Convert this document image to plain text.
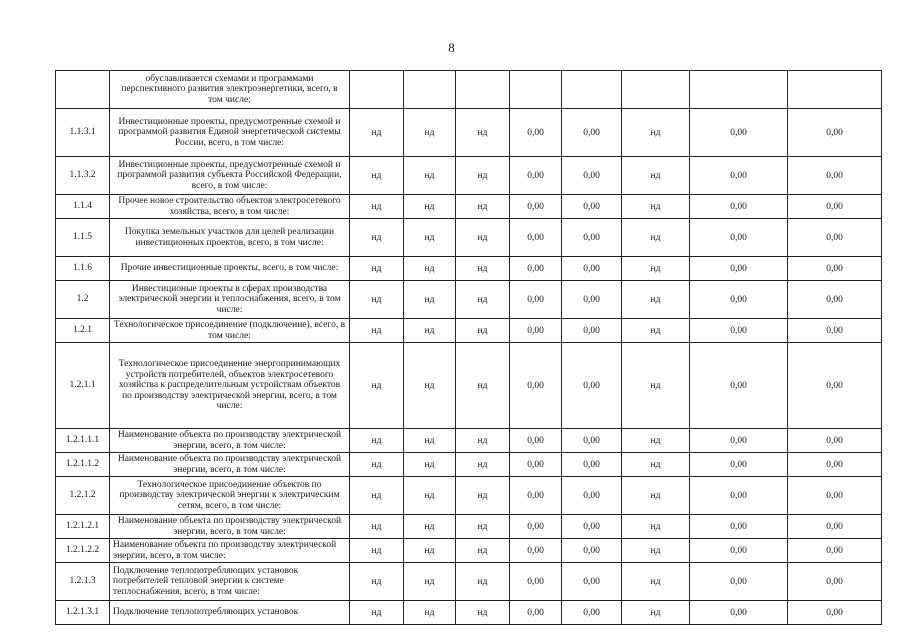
8
	обуславливается схемами и программами перспективного развития электроэнергетики, всего, в том числе:								
1.1.3.1	Инвестиционные проекты, предусмотренные схемой и программой развития Единой энергетической системы России, всего, в том числе:	нд	нд	нд	0,00	0,00	нд	0,00	0,00
1.1.3.2	Инвестиционные проекты, предусмотренные схемой и программой развития субъекта Российской Федерации, всего, в том числе:	нд	нд	нд	0,00	0,00	нд	0,00	0,00
1.1.4	Прочее новое строительство объектов электросетевого хозяйства, всего, в том числе:	нд	нд	нд	0,00	0,00	нд	0,00	0,00
1.1.5	Покупка земельных участков для целей реализации инвестиционных проектов, всего, в том числе:	нд	нд	нд	0,00	0,00	нд	0,00	0,00
1.1.6	Прочие инвестиционные проекты, всего, в том числе:	нд	нд	нд	0,00	0,00	нд	0,00	0,00
1.2	Инвестиционые проекты в сферах производства электрической энергии и теплоснабжения, всего, в том числе:	нд	нд	нд	0,00	0,00	нд	0,00	0,00
1.2.1	Технологическое присоединение (подключение), всего, в том числе:	нд	нд	нд	0,00	0,00	нд	0,00	0,00
1.2.1.1	Технологическое присоединение энергопринимающих устройств потребителей, объектов электросетевого хозяйства к распределительным устройствам объектов по производству электрической энергии, всего, в том числе:	нд	нд	нд	0,00	0,00	нд	0,00	0,00
1.2.1.1.1	Наименование объекта по производству электрической энергии, всего, в том числе:	нд	нд	нд	0,00	0,00	нд	0,00	0,00
1.2.1.1.2	Наименование объекта по производству электрической энергии, всего, в том числе:	нд	нд	нд	0,00	0,00	нд	0,00	0,00
1.2.1.2	Технологическое присоединение объектов по производству электрической энергии к электрическим сетям, всего, в том числе:	нд	нд	нд	0,00	0,00	нд	0,00	0,00
1.2.1.2.1	Наименование объекта по производству электрической энергии, всего, в том числе:	нд	нд	нд	0,00	0,00	нд	0,00	0,00
1.2.1.2.2	Наименование объекта по производству электрической энергии, всего, в том числе:	нд	нд	нд	0,00	0,00	нд	0,00	0,00
1.2.1.3	Подключение теплопотребляющих установок потребителей тепловой энергии к системе теплоснабжения, всего, в том числе:	нд	нд	нд	0,00	0,00	нд	0,00	0,00
1.2.1.3.1	Подключение теплопотребляющих установок	нд	нд	нд	0,00	0,00	нд	0,00	0,00
